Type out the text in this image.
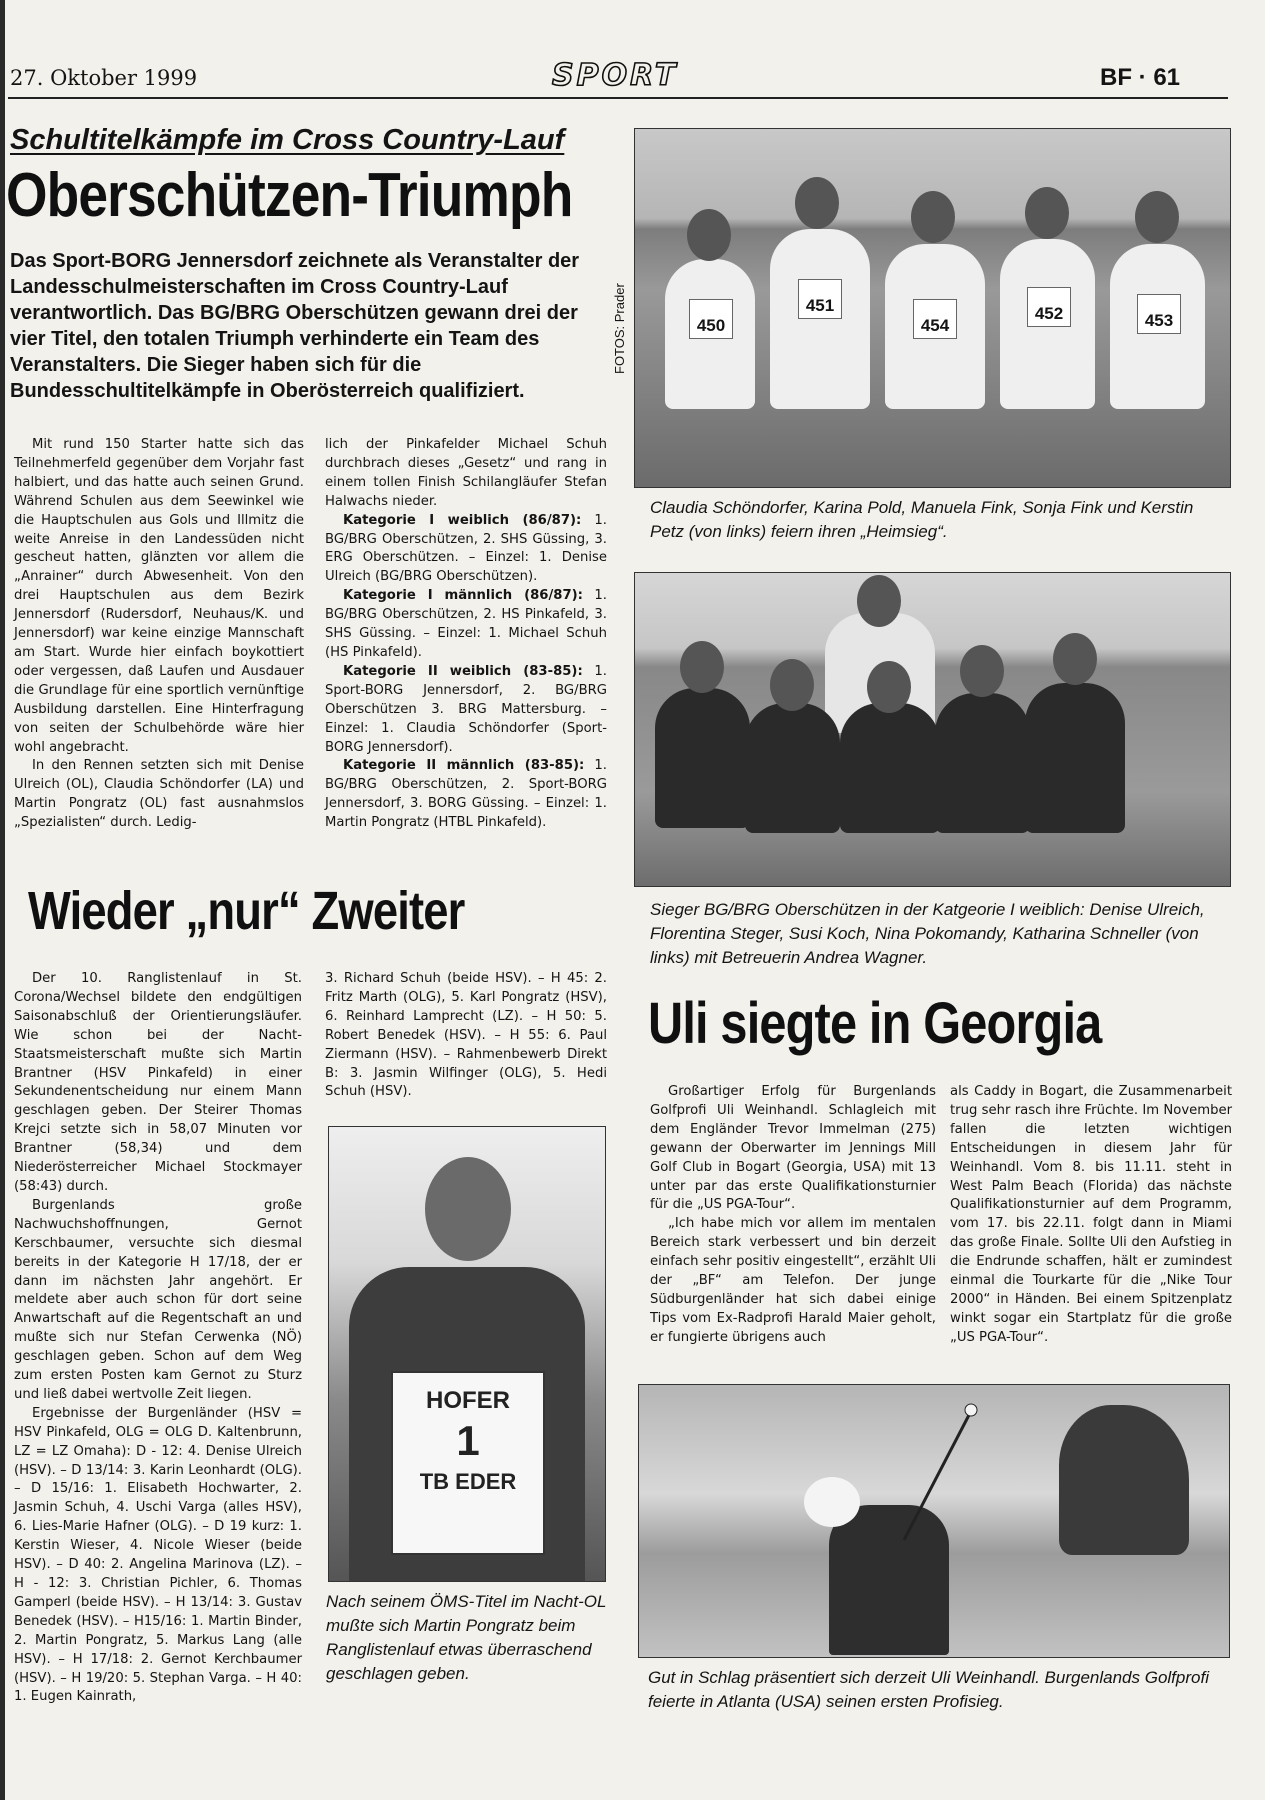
27. Oktober 1999	SPORT	BF · 61
Schultitelkämpfe im Cross Country-Lauf
Oberschützen-Triumph
Das Sport-BORG Jennersdorf zeichnete als Veranstalter der Landesschulmeisterschaften im Cross Country-Lauf verantwortlich. Das BG/BRG Oberschützen gewann drei der vier Titel, den totalen Triumph verhinderte ein Team des Veranstalters. Die Sieger haben sich für die Bundesschultitelkämpfe in Oberösterreich qualifiziert.

Mit rund 150 Starter hatte sich das Teilnehmerfeld gegenüber dem Vorjahr fast halbiert, und das hatte auch seinen Grund. Während Schulen aus dem Seewinkel wie die Hauptschulen aus Gols und Illmitz die weite Anreise in den Landessüden nicht gescheut hatten, glänzten vor allem die „Anrainer“ durch Abwesenheit. Von den drei Hauptschulen aus dem Bezirk Jennersdorf (Rudersdorf, Neuhaus/K. und Jennersdorf) war keine einzige Mannschaft am Start. Wurde hier einfach boykottiert oder vergessen, daß Laufen und Ausdauer die Grundlage für eine sportlich vernünftige Ausbildung darstellen. Eine Hinterfragung von seiten der Schulbehörde wäre hier wohl angebracht.

In den Rennen setzten sich mit Denise Ulreich (OL), Claudia Schöndorfer (LA) und Martin Pongratz (OL) fast ausnahmslos „Spezialisten“ durch. Ledig-

lich der Pinkafelder Michael Schuh durchbrach dieses „Gesetz“ und rang in einem tollen Finish Schilangläufer Stefan Halwachs nieder.

Kategorie I weiblich (86/87): 1. BG/BRG Oberschützen, 2. SHS Güssing, 3. ERG Oberschützen. – Einzel: 1. Denise Ulreich (BG/BRG Oberschützen).

Kategorie I männlich (86/87): 1. BG/BRG Oberschützen, 2. HS Pinkafeld, 3. SHS Güssing. – Einzel: 1. Michael Schuh (HS Pinkafeld).

Kategorie II weiblich (83-85): 1. Sport-BORG Jennersdorf, 2. BG/BRG Oberschützen 3. BRG Mattersburg. – Einzel: 1. Claudia Schöndorfer (Sport-BORG Jennersdorf).

Kategorie II männlich (83-85): 1. BG/BRG Oberschützen, 2. Sport-BORG Jennersdorf, 3. BORG Güssing. – Einzel: 1. Martin Pongratz (HTBL Pinkafeld).

450
451
454
452	453
FOTOS: Prader
Claudia Schöndorfer, Karina Pold, Manuela Fink, Sonja Fink und Kerstin Petz (von links) feiern ihren „Heimsieg“.
Sieger BG/BRG Oberschützen in der Katgeorie I weiblich: Denise Ulreich, Florentina Steger, Susi Koch, Nina Pokomandy, Katharina Schneller (von links) mit Betreuerin Andrea Wagner.
Wieder „nur“ Zweiter

Der 10. Ranglistenlauf in St. Corona/Wechsel bildete den endgültigen Saisonabschluß der Orientierungsläufer. Wie schon bei der Nacht-Staatsmeisterschaft mußte sich Martin Brantner (HSV Pinkafeld) in einer Sekundenentscheidung nur einem Mann geschlagen geben. Der Steirer Thomas Krejci setzte sich in 58,07 Minuten vor Brantner (58,34) und dem Niederösterreicher Michael Stockmayer (58:43) durch.

Burgenlands große Nachwuchshoffnungen, Gernot Kerschbaumer, versuchte sich diesmal bereits in der Kategorie H 17/18, der er dann im nächsten Jahr angehört. Er meldete aber auch schon für dort seine Anwartschaft auf die Regentschaft an und mußte sich nur Stefan Cerwenka (NÖ) geschlagen geben. Schon auf dem Weg zum ersten Posten kam Gernot zu Sturz und ließ dabei wertvolle Zeit liegen.

Ergebnisse der Burgenländer (HSV = HSV Pinkafeld, OLG = OLG D. Kaltenbrunn, LZ = LZ Omaha): D - 12: 4. Denise Ulreich (HSV). – D 13/14: 3. Karin Leonhardt (OLG). – D 15/16: 1. Elisabeth Hochwarter, 2. Jasmin Schuh, 4. Uschi Varga (alles HSV), 6. Lies-Marie Hafner (OLG). – D 19 kurz: 1. Kerstin Wieser, 4. Nicole Wieser (beide HSV). – D 40: 2. Angelina Marinova (LZ). – H - 12: 3. Christian Pichler, 6. Thomas Gamperl (beide HSV). – H 13/14: 3. Gustav Benedek (HSV). – H15/16: 1. Martin Binder, 2. Martin Pongratz, 5. Markus Lang (alle HSV). – H 17/18: 2. Gernot Kerchbaumer (HSV). – H 19/20: 5. Stephan Varga. – H 40: 1. Eugen Kainrath,

3. Richard Schuh (beide HSV). – H 45: 2. Fritz Marth (OLG), 5. Karl Pongratz (HSV), 6. Reinhard Lamprecht (LZ). – H 50: 5. Robert Benedek (HSV). – H 55: 6. Paul Ziermann (HSV). – Rahmenbewerb Direkt B: 3. Jasmin Wilfinger (OLG), 5. Hedi Schuh (HSV).

HOFER
1
TB EDER
Nach seinem ÖMS-Titel im Nacht-OL mußte sich Martin Pongratz beim Ranglistenlauf etwas überraschend geschlagen geben.
Uli siegte in Georgia

Großartiger Erfolg für Burgenlands Golfprofi Uli Weinhandl. Schlagleich mit dem Engländer Trevor Immelman (275) gewann der Oberwarter im Jennings Mill Golf Club in Bogart (Georgia, USA) mit 13 unter par das erste Qualifikationsturnier für die „US PGA-Tour“.

„Ich habe mich vor allem im mentalen Bereich stark verbessert und bin derzeit einfach sehr positiv eingestellt“, erzählt Uli der „BF“ am Telefon. Der junge Südburgenländer hat sich dabei einige Tips vom Ex-Radprofi Harald Maier geholt, er fungierte übrigens auch

als Caddy in Bogart, die Zusammenarbeit trug sehr rasch ihre Früchte. Im November fallen die letzten wichtigen Entscheidungen in diesem Jahr für Weinhandl. Vom 8. bis 11.11. steht in West Palm Beach (Florida) das nächste Qualifikationsturnier auf dem Programm, vom 17. bis 22.11. folgt dann in Miami das große Finale. Sollte Uli den Aufstieg in die Endrunde schaffen, hält er zumindest einmal die Tourkarte für die „Nike Tour 2000“ in Händen. Bei einem Spitzenplatz winkt sogar ein Startplatz für die große „US PGA-Tour“.

Gut in Schlag präsentiert sich derzeit Uli Weinhandl. Burgenlands Golfprofi feierte in Atlanta (USA) seinen ersten Profisieg.
